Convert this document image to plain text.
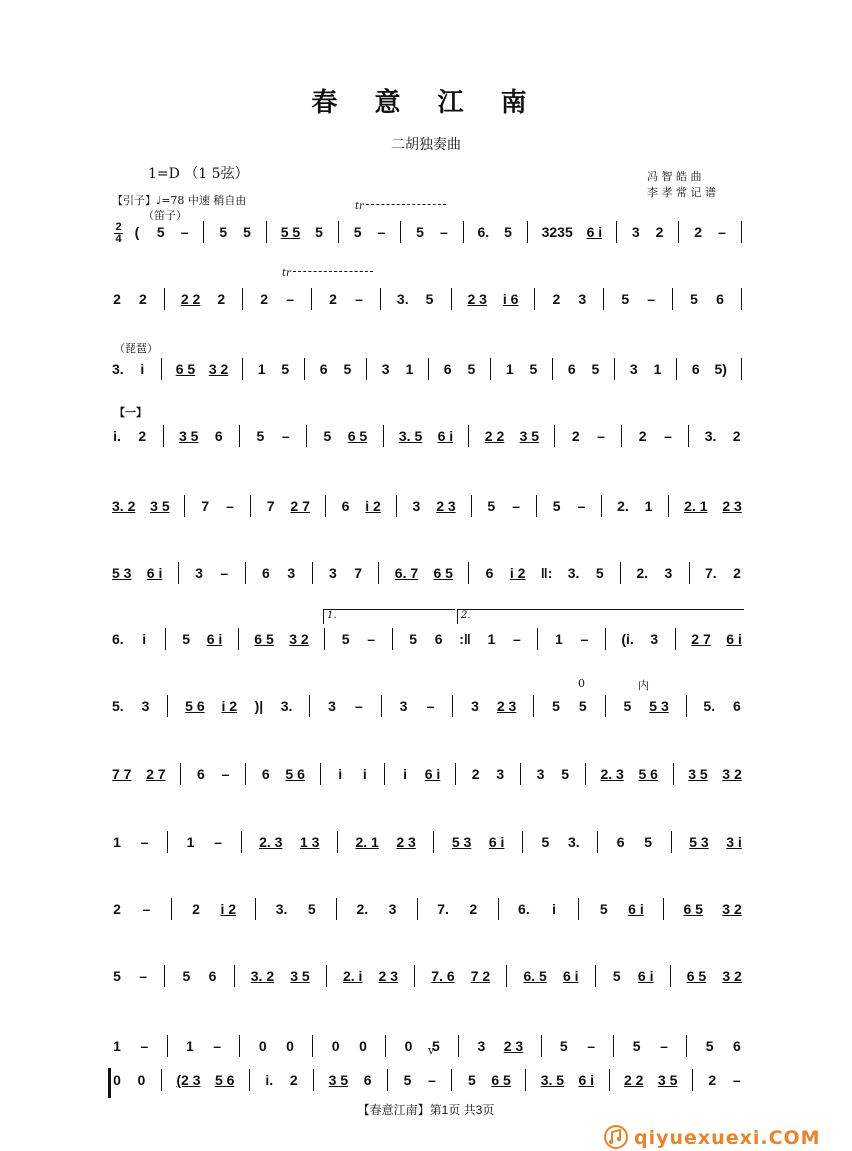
春 意 江 南
二胡独奏曲
1=D （1 5弦）	冯 智 皓 曲
李 孝 常 记 谱
【引子】♩=78 中速 稍自由
（笛子）
（琵琶）
【一】
tr
tr
2
4
1.	2.
0	内
v
( 5 – 5 5 5 5 5 5 – 5 – 6. 5 3235 6 i 3 2 2 –
2 2 2 2 2	2 –	2 – 3. 5 2 3 i 6 2 3	5 –	5 6
3. i 6 5 3 2 1 5 6 5 3 1 6 5 1 5 6 5 3 1 6 5)
i. 2 3 5 6 5 – 5 6 5 3. 5 6 i 2 2 3 5 2 – 2 – 3. 2
3. 2 3 5 7 – 7 2 7 6 i 2 3 2 3 5 – 5 – 2. 1 2. 1 2 3
5 3 6 i 3 – 6 3 3 7 6. 7 6 5 6 i 2 ‖: 3. 5 2. 3 7. 2
6. i	5 6 i 6 5 3 2 5 – 5 6 :‖ 1 – 1 – (i. 3 2 7 6 i
5. 3	5 6 i 2 )| 3.	3 –	3 –	3 2 3	5 5	5 5 3 5. 6
7 7 2 7 6 – 6 5 6 i i	i 6 i 2 3 3 5 2. 3 5 6 3 5 3 2
1 –	1 –	2. 3 1 3	2. 1 2 3	5 3 6 i	5 3.	6 5	5 3 3 i
2 –	2 i 2	3. 5	2. 3	7. 2	6. i	5 6 i	6 5 3 2
5 –	5 6 3. 2 3 5 2. i 2 3 7. 6 7 2 6. 5 6 i 5 6 i 6 5 3 2
1 –	1 –	0 0	0 0	0 5	3 2 3	5 –	5 –	5 6
0 0 (2 3 5 6 i. 2 3 5 6 5 – 5 6 5 3. 5 6 i 2 2 3 5 2 –
【春意江南】第1页 共3页
qiyuexuexi.COM
